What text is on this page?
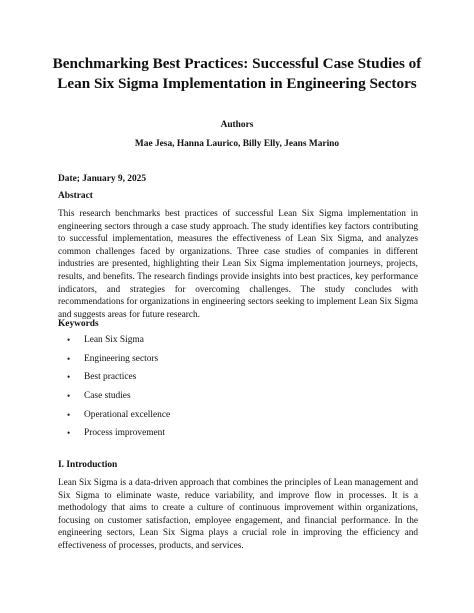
Benchmarking Best Practices: Successful Case Studies of Lean Six Sigma Implementation in Engineering Sectors
Authors
Mae Jesa, Hanna Laurico, Billy Elly, Jeans Marino
Date; January 9, 2025
Abstract

This research benchmarks best practices of successful Lean Six Sigma implementation in engineering sectors through a case study approach. The study identifies key factors contributing to successful implementation, measures the effectiveness of Lean Six Sigma, and analyzes common challenges faced by organizations. Three case studies of companies in different industries are presented, highlighting their Lean Six Sigma implementation journeys, projects, results, and benefits. The research findings provide insights into best practices, key performance indicators, and strategies for overcoming challenges. The study concludes with recommendations for organizations in engineering sectors seeking to implement Lean Six Sigma and suggests areas for future research.

Keywords
• Lean Six Sigma
• Engineering sectors
• Best practices
• Case studies
• Operational excellence
• Process improvement
I. Introduction

Lean Six Sigma is a data-driven approach that combines the principles of Lean management and Six Sigma to eliminate waste, reduce variability, and improve flow in processes. It is a methodology that aims to create a culture of continuous improvement within organizations, focusing on customer satisfaction, employee engagement, and financial performance. In the engineering sectors, Lean Six Sigma plays a crucial role in improving the efficiency and effectiveness of processes, products, and services.
